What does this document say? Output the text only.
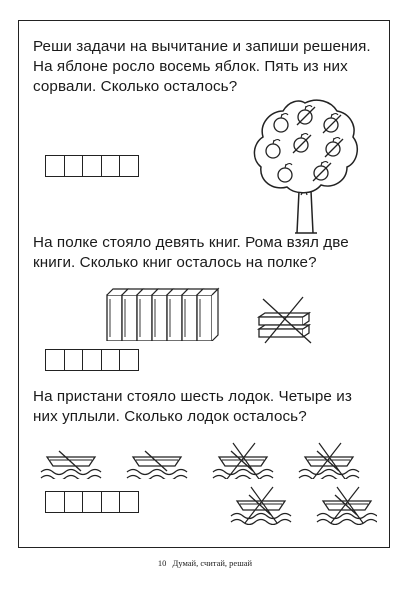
Реши задачи на вычитание и запиши решения.
На яблоне росло восемь яблок. Пять из них
сорвали. Сколько осталось?
На полке стояло девять книг. Рома взял две
книги. Сколько книг осталось на полке?
На пристани стояло шесть лодок. Четыре из
них уплыли. Сколько лодок осталось?
10 Думай, считай, решай
